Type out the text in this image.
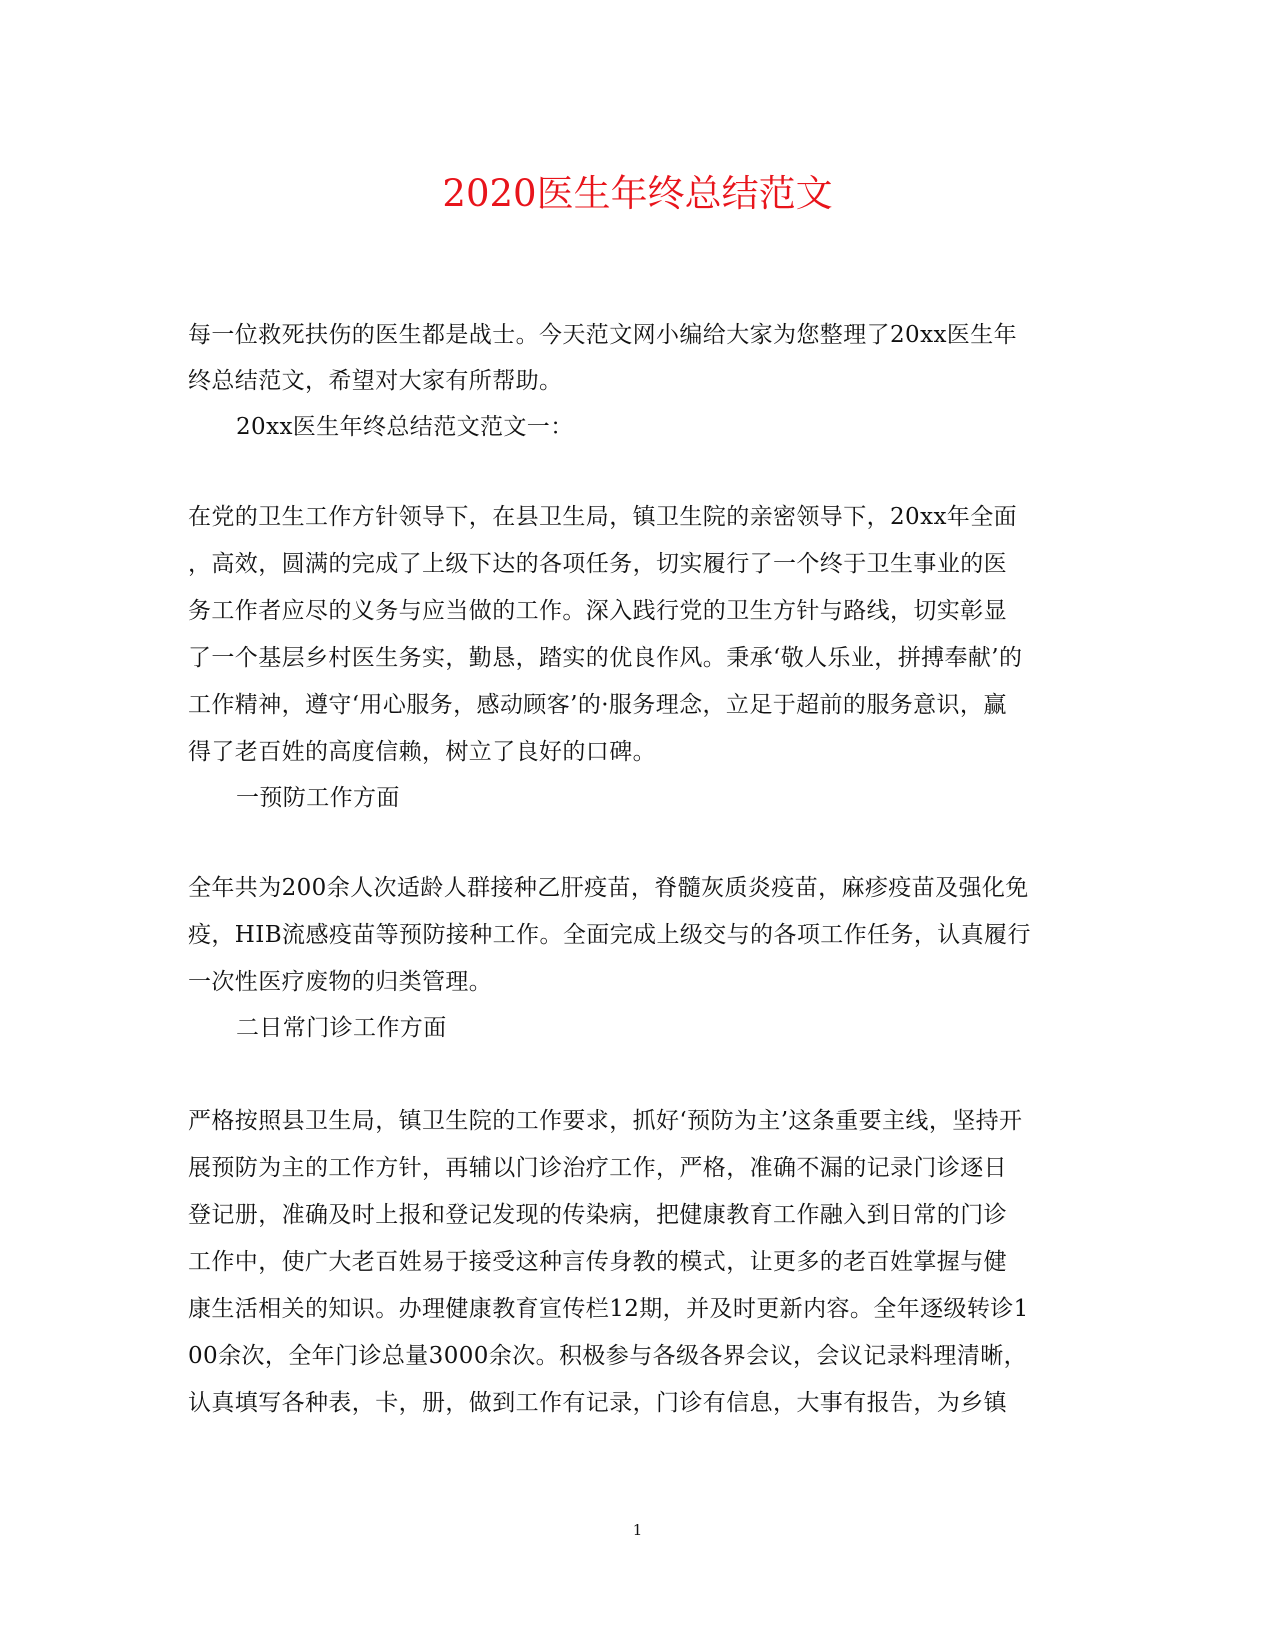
2020医生年终总结范文
每一位救死扶伤的医生都是战士。今天范文网小编给大家为您整理了20xx医生年
终总结范文，希望对大家有所帮助。
20xx医生年终总结范文范文一：
在党的卫生工作方针领导下，在县卫生局，镇卫生院的亲密领导下，20xx年全面
，高效，圆满的完成了上级下达的各项任务，切实履行了一个终于卫生事业的医
务工作者应尽的义务与应当做的工作。深入践行党的卫生方针与路线，切实彰显
了一个基层乡村医生务实，勤恳，踏实的优良作风。秉承‘敬人乐业，拼搏奉献’的
工作精神，遵守‘用心服务，感动顾客’的·服务理念，立足于超前的服务意识，赢
得了老百姓的高度信赖，树立了良好的口碑。
一预防工作方面
全年共为200余人次适龄人群接种乙肝疫苗，脊髓灰质炎疫苗，麻疹疫苗及强化免
疫，HIB流感疫苗等预防接种工作。全面完成上级交与的各项工作任务，认真履行
一次性医疗废物的归类管理。
二日常门诊工作方面
严格按照县卫生局，镇卫生院的工作要求，抓好‘预防为主’这条重要主线，坚持开
展预防为主的工作方针，再辅以门诊治疗工作，严格，准确不漏的记录门诊逐日
登记册，准确及时上报和登记发现的传染病，把健康教育工作融入到日常的门诊
工作中，使广大老百姓易于接受这种言传身教的模式，让更多的老百姓掌握与健
康生活相关的知识。办理健康教育宣传栏12期，并及时更新内容。全年逐级转诊1
00余次，全年门诊总量3000余次。积极参与各级各界会议，会议记录料理清晰，
认真填写各种表，卡，册，做到工作有记录，门诊有信息，大事有报告，为乡镇
1
